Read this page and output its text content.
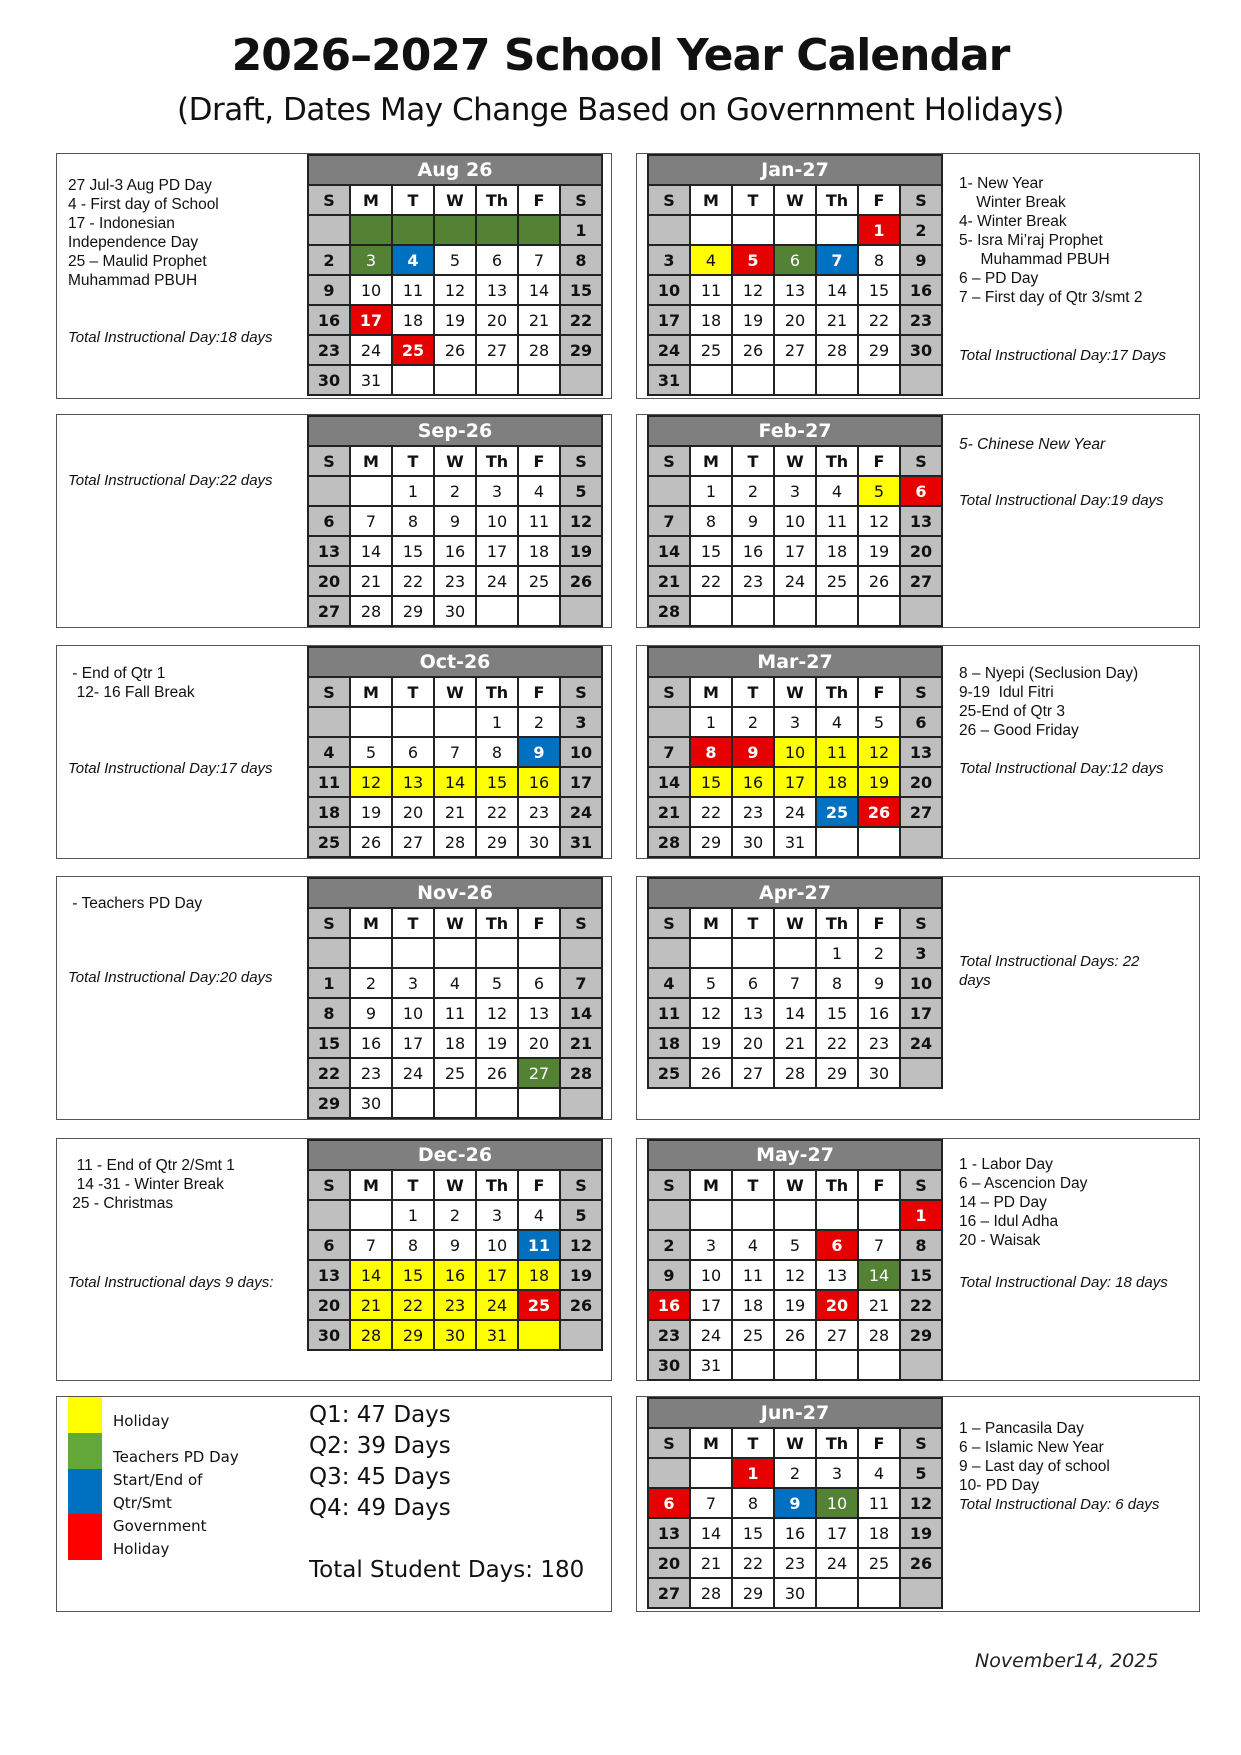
2026–2027 School Year Calendar
(Draft, Dates May Change Based on Government Holidays)
27 Jul-3 Aug PD Day
4 - First day of School
17 - Indonesian
Independence Day
25 – Maulid Prophet
Muhammad PBUH
Total Instructional Day:18 days
Aug 26						
S	M	T	W	Th	F	S
						1
2	3	4	5	6	7	8
9	10	11	12	13	14	15
16	17	18	19	20	21	22
23	24	25	26	27	28	29
30	31					
Total Instructional Day:22 days
Sep-26						
S	M	T	W	Th	F	S
		1	2	3	4	5
6	7	8	9	10	11	12
13	14	15	16	17	18	19
20	21	22	23	24	25	26
27	28	29	30			
- End of Qtr 1
12- 16 Fall Break
Total Instructional Day:17 days
Oct-26						
S	M	T	W	Th	F	S
				1	2	3
4	5	6	7	8	9	10
11	12	13	14	15	16	17
18	19	20	21	22	23	24
25	26	27	28	29	30	31
- Teachers PD Day
Total Instructional Day:20 days
Nov-26						
S	M	T	W	Th	F	S

1	2	3	4	5	6	7
8	9	10	11	12	13	14
15	16	17	18	19	20	21
22	23	24	25	26	27	28
29	30					
11 - End of Qtr 2/Smt 1
14 -31 - Winter Break
25 - Christmas
Total Instructional days 9 days:
Dec-26						
S	M	T	W	Th	F	S
		1	2	3	4	5
6	7	8	9	10	11	12
13	14	15	16	17	18	19
20	21	22	23	24	25	26
30	28	29	30	31		
Holiday
Teachers PD Day
Start/End of
Qtr/Smt
Government
Holiday
Q1: 47 Days
Q2: 39 Days
Q3: 45 Days
Q4: 49 Days
Total Student Days: 180
1- New Year
Winter Break
4- Winter Break
5- Isra Mi’raj Prophet
Muhammad PBUH
6 – PD Day
7 – First day of Qtr 3/smt 2
Total Instructional Day:17 Days
Jan-27						
S	M	T	W	Th	F	S
					1	2
3	4	5	6	7	8	9
10	11	12	13	14	15	16
17	18	19	20	21	22	23
24	25	26	27	28	29	30
31						
5- Chinese New Year
Total Instructional Day:19 days
Feb-27						
S	M	T	W	Th	F	S
	1	2	3	4	5	6
7	8	9	10	11	12	13
14	15	16	17	18	19	20
21	22	23	24	25	26	27
28						
8 – Nyepi (Seclusion Day)
9-19  Idul Fitri
25-End of Qtr 3
26 – Good Friday
Total Instructional Day:12 days
Mar-27						
S	M	T	W	Th	F	S
	1	2	3	4	5	6
7	8	9	10	11	12	13
14	15	16	17	18	19	20
21	22	23	24	25	26	27
28	29	30	31			
Total Instructional Days: 22
days
Apr-27						
S	M	T	W	Th	F	S
				1	2	3
4	5	6	7	8	9	10
11	12	13	14	15	16	17
18	19	20	21	22	23	24
25	26	27	28	29	30	
1 - Labor Day
6 – Ascencion Day
14 – PD Day
16 – Idul Adha
20 - Waisak
Total Instructional Day: 18 days
May-27						
S	M	T	W	Th	F	S
						1
2	3	4	5	6	7	8
9	10	11	12	13	14	15
16	17	18	19	20	21	22
23	24	25	26	27	28	29
30	31					
1 – Pancasila Day
6 – Islamic New Year
9 – Last day of school
10- PD Day
Total Instructional Day: 6 days
Jun-27						
S	M	T	W	Th	F	S
		1	2	3	4	5
6	7	8	9	10	11	12
13	14	15	16	17	18	19
20	21	22	23	24	25	26
27	28	29	30			
November14, 2025
